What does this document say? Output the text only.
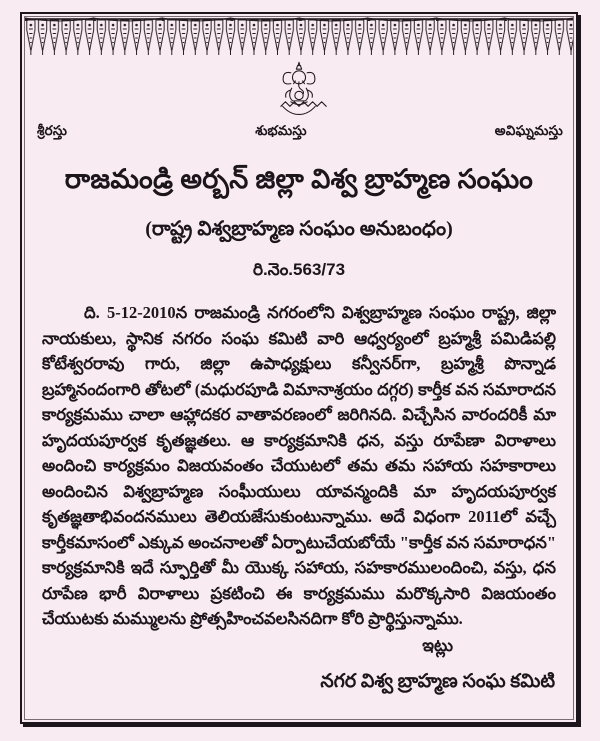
శ్రీరస్తు	శుభమస్తు	అవిఘ్నమస్తు
రాజమండ్రి అర్బన్ జిల్లా విశ్వ బ్రాహ్మణ సంఘం
(రాష్ట్ర విశ్వబ్రాహ్మణ సంఘం అనుబంధం)
రి.నెం.563/73

ది. 5-12-2010న రాజమండ్రి నగరంలోని విశ్వబ్రాహ్మణ సంఘం రాష్ట్ర, జిల్లా నాయకులు, స్థానిక నగరం సంఘ కమిటి వారి ఆధ్వర్యంలో బ్రహ్మశ్రీ పమిడిపల్లి కోటేశ్వరరావు గారు, జిల్లా ఉపాధ్యక్షులు కన్వీనర్‌గా, బ్రహ్మశ్రీ పొన్నాడ బ్రహ్మానందంగారి తోటలో (మధురపూడి విమానాశ్రయం దగ్గర) కార్తీక వన సమారాదన కార్యక్రమము చాలా ఆహ్లాదకర వాతావరణంలో జరిగినది. విచ్చేసిన వారందరికీ మా హృదయపూర్వక కృతజ్ఞతలు. ఆ కార్యక్రమానికి ధన, వస్తు రూపేణా విరాళాలు అందించి కార్యక్రమం విజయవంతం చేయుటలో తమ తమ సహాయ సహకారాలు అందించిన విశ్వబ్రాహ్మణ సంఘీయులు యావన్మందికి మా హృదయపూర్వక కృతజ్ఞతాభివందనములు తెలియజేసుకుంటున్నాము. అదే విధంగా 2011లో వచ్చే కార్తీకమాసంలో ఎక్కువ అంచనాలతో ఏర్పాటుచేయబోయే "కార్తీక వన సమారాధన" కార్యక్రమానికి ఇదే స్ఫూర్తితో మీ యొక్క సహాయ, సహకారములందించి, వస్తు, ధన రూపేణ భారీ విరాళాలు ప్రకటించి ఈ కార్యక్రమము మరొక్కసారి విజయంతం చేయుటకు మమ్ములను ప్రోత్సహించవలసినదిగా కోరి ప్రార్థిస్తున్నాము.

ఇట్లు
నగర విశ్వ బ్రాహ్మణ సంఘ కమిటి
